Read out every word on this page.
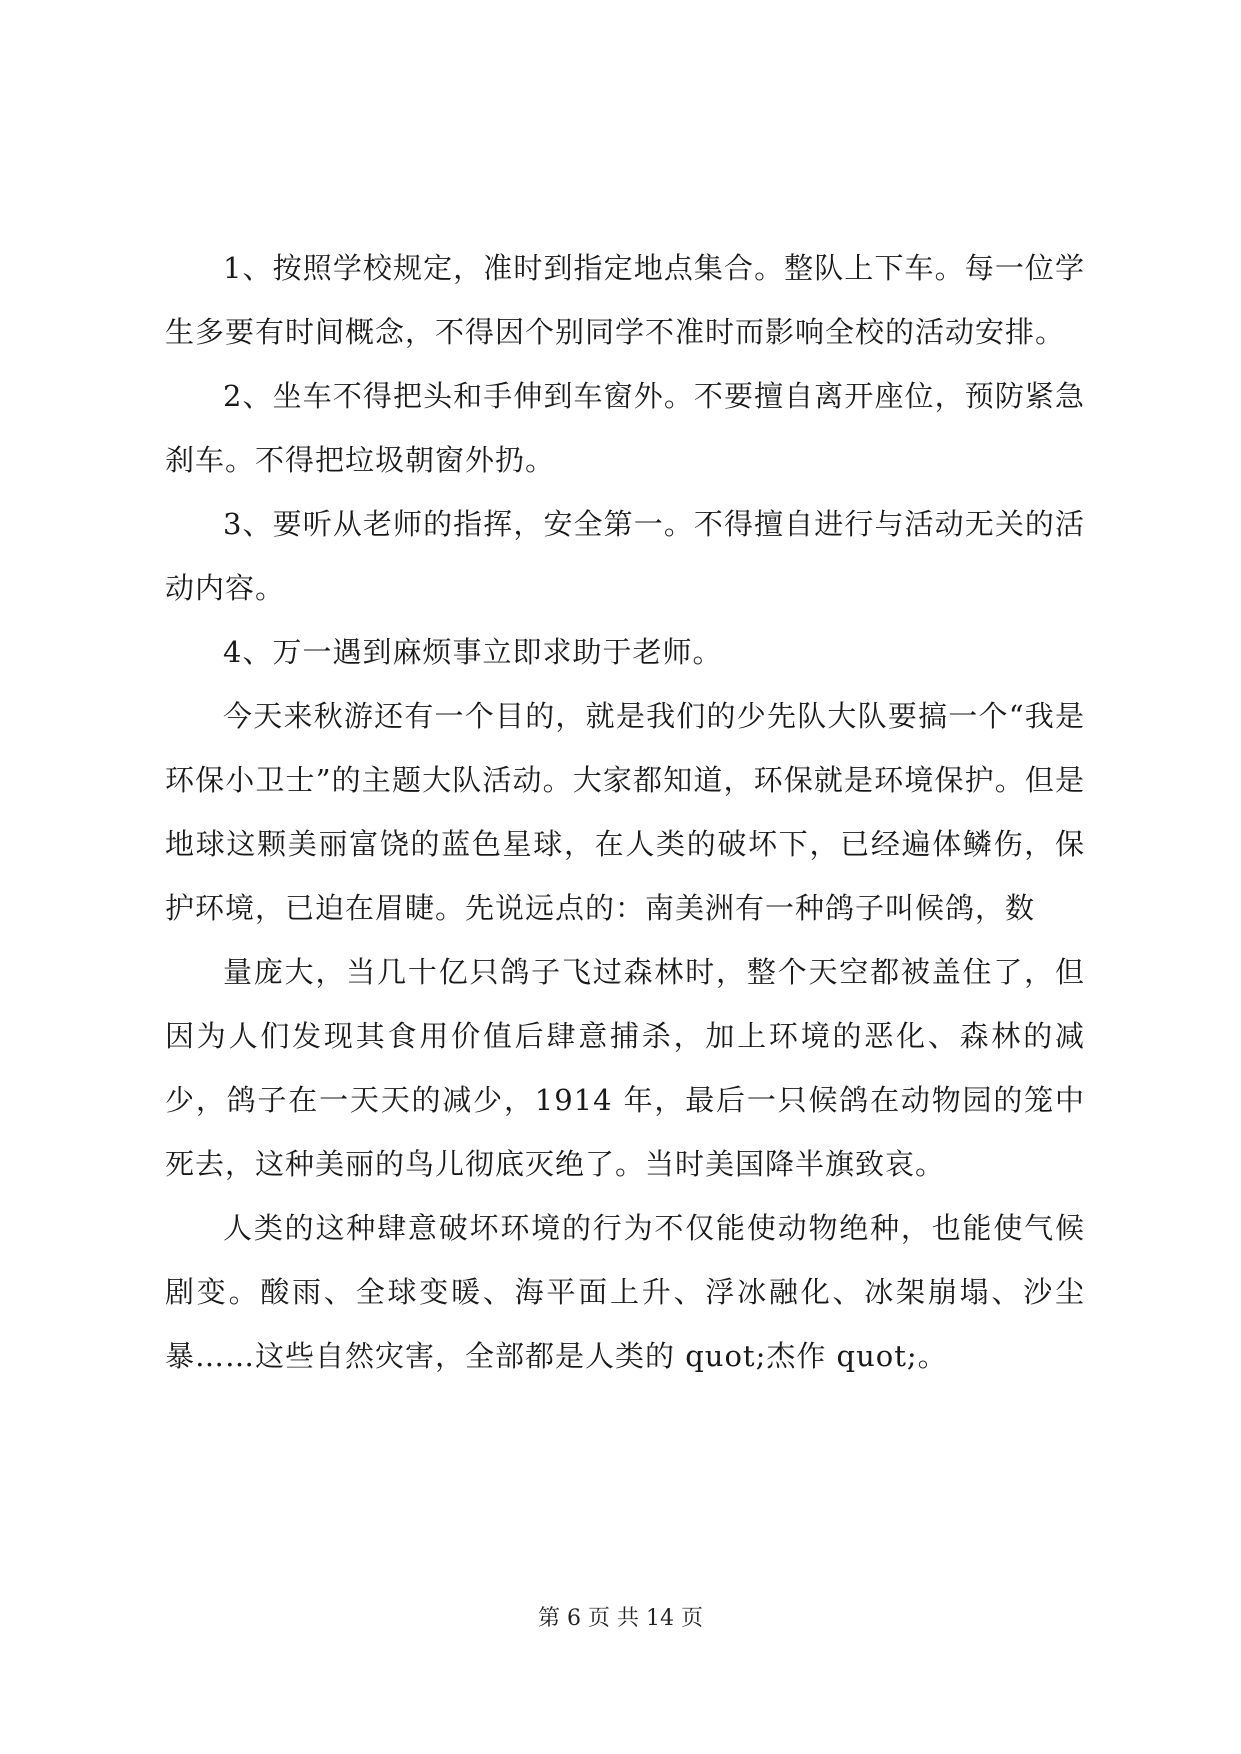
1、按照学校规定，准时到指定地点集合。整队上下车。每一位学生多要有时间概念，不得因个别同学不准时而影响全校的活动安排。

2、坐车不得把头和手伸到车窗外。不要擅自离开座位，预防紧急刹车。不得把垃圾朝窗外扔。

3、要听从老师的指挥，安全第一。不得擅自进行与活动无关的活动内容。

4、万一遇到麻烦事立即求助于老师。

今天来秋游还有一个目的，就是我们的少先队大队要搞一个“我是环保小卫士”的主题大队活动。大家都知道，环保就是环境保护。但是地球这颗美丽富饶的蓝色星球，在人类的破坏下，已经遍体鳞伤，保护环境，已迫在眉睫。先说远点的：南美洲有一种鸽子叫候鸽，数

量庞大，当几十亿只鸽子飞过森林时，整个天空都被盖住了，但因为人们发现其食用价值后肆意捕杀，加上环境的恶化、森林的减少，鸽子在一天天的减少，1914 年，最后一只候鸽在动物园的笼中死去，这种美丽的鸟儿彻底灭绝了。当时美国降半旗致哀。

人类的这种肆意破坏环境的行为不仅能使动物绝种，也能使气候剧变。酸雨、全球变暖、海平面上升、浮冰融化、冰架崩塌、沙尘暴……这些自然灾害，全部都是人类的 quot;杰作 quot;。

第 6 页 共 14 页
